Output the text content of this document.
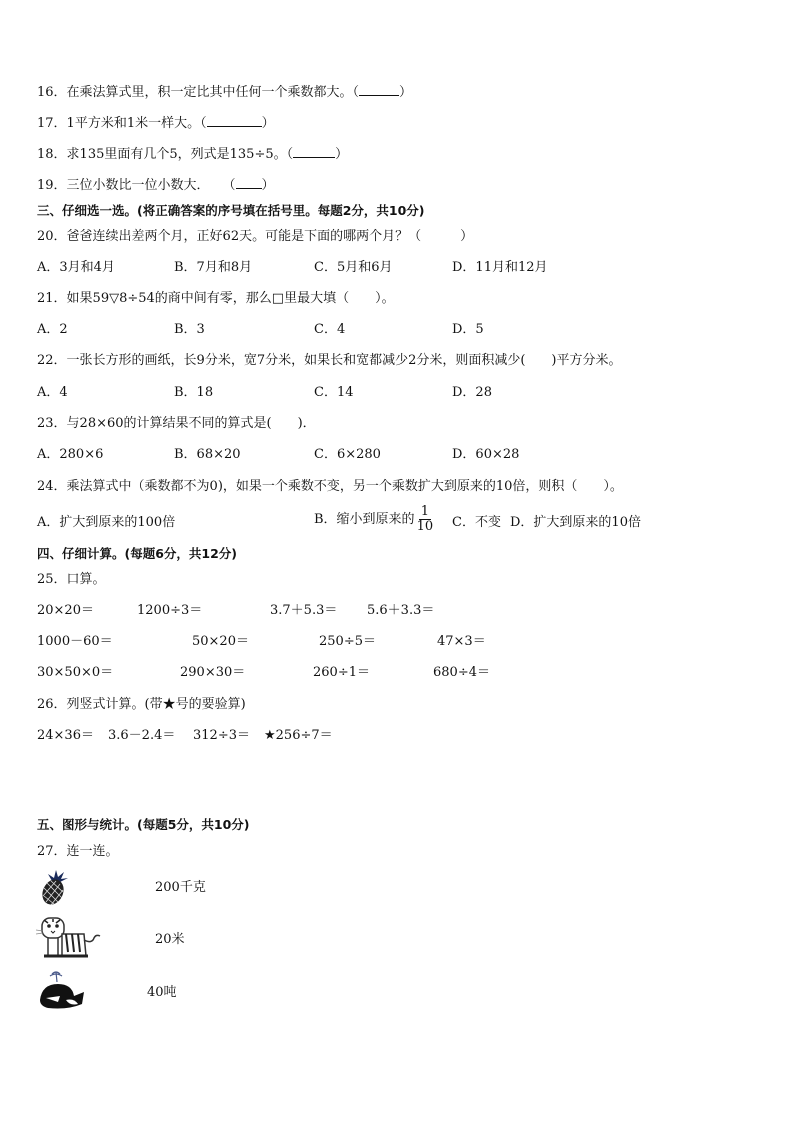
16．在乘法算式里，积一定比其中任何一个乘数都大。（	）
17．1平方米和1米一样大。（	）
18．求135里面有几个5，列式是135÷5。（	）
19．三位小数比一位小数大．　　（ ）
三、仔细选一选。(将正确答案的序号填在括号里。每题2分，共10分)
20．爸爸连续出差两个月，正好62天。可能是下面的哪两个月？（　　　）
A．3月和4月	B．7月和8月	C．5月和6月	D．11月和12月
21．如果59▽8÷54的商中间有零，那么□里最大填（　　）。
A．2	B．3	C．4	D．5
22．一张长方形的画纸，长9分米，宽7分米，如果长和宽都减少2分米，则面积减少(　　)平方分米。
A．4	B．18	C．14	D．28
23．与28×60的计算结果不同的算式是(　　)．
A．280×6	B．68×20	C．6×280	D．60×28
24．乘法算式中（乘数都不为0)，如果一个乘数不变，另一个乘数扩大到原来的10倍，则积（　　）。
A．扩大到原来的100倍	B．缩小到原来的 $\frac{1}{10}$ C．不变 D．扩大到原来的10倍
四、仔细计算。(每题6分，共12分)
25．口算。
20×20＝	1200÷3＝	3.7＋5.3＝ 5.6＋3.3＝
1000－60＝	50×20＝	250÷5＝	47×3＝
30×50×0＝	290×30＝	260÷1＝	680÷4＝
26．列竖式计算。(带★号的要验算)
24×36＝ 3.6－2.4＝ 312÷3＝ ★256÷7＝
五、图形与统计。(每题5分，共10分)
27．连一连。
200千克
20米
40吨
